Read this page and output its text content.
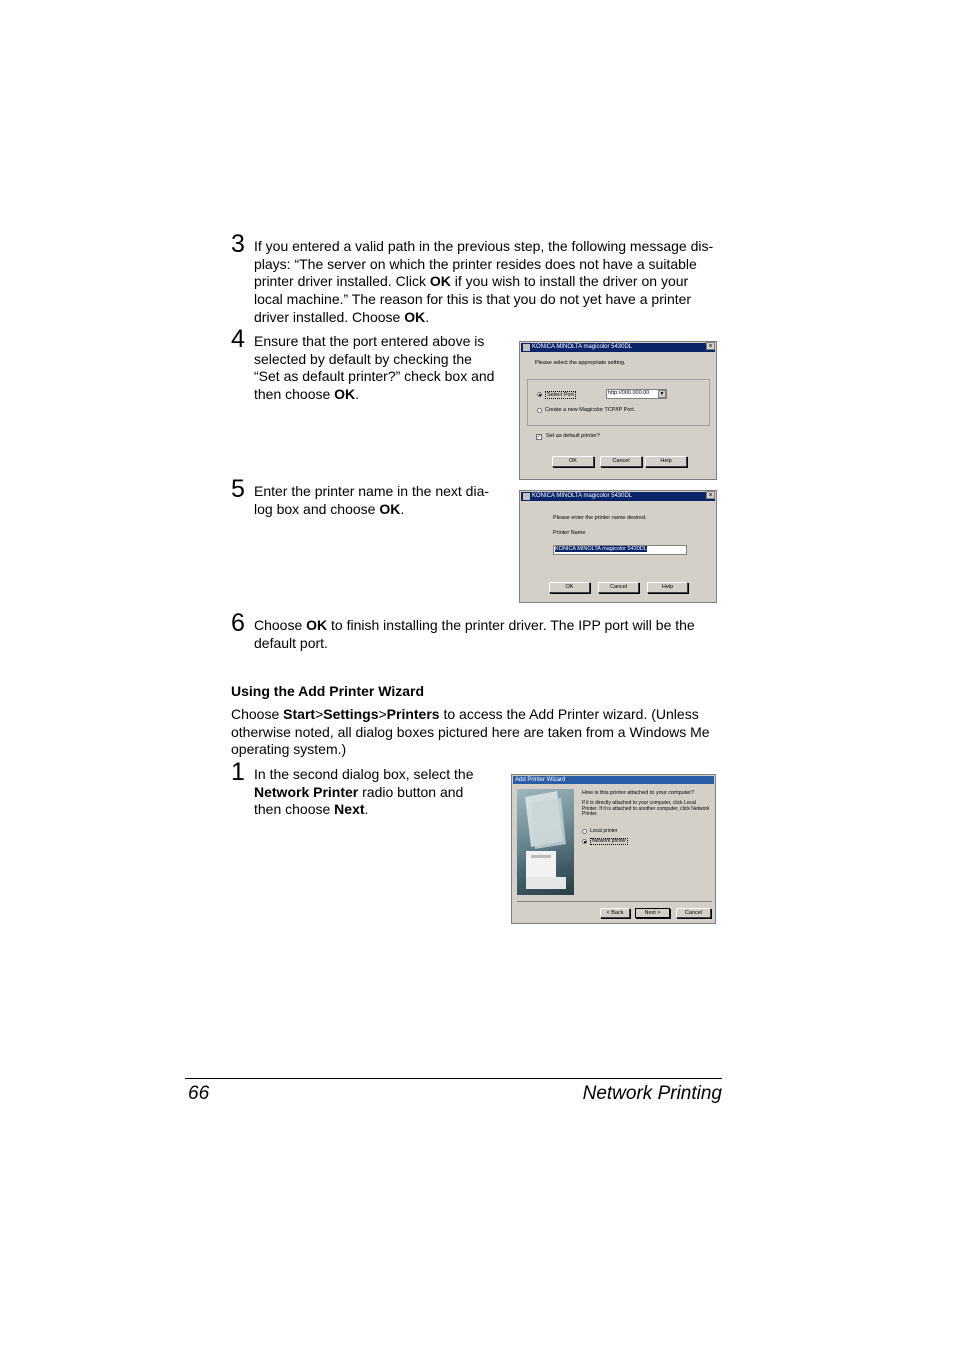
3 If you entered a valid path in the previous step, the following message dis-
plays: “The server on which the printer resides does not have a suitable
printer driver installed. Click OK if you wish to install the driver on your
local machine.” The reason for this is that you do not yet have a printer
driver installed. Choose OK.
4 Ensure that the port entered above is
selected by default by checking the
“Set as default printer?” check box and
then choose OK.
KONICA MINOLTA magicolor 5430DL	×
Please select the appropriate setting.
Select Port	http://000.000.00	▼
Create a new Magicolor TCP/IP Port.
✓ Set as default printer?
OK	Cancel	Help
5 Enter the printer name in the next dia-
log box and choose OK.
KONICA MINOLTA magicolor 5430DL	×
Please enter the printer name desired.
Printer Name
KONICA MINOLTA magicolor 5430DL
OK	Cancel	Help
6 Choose OK to finish installing the printer driver. The IPP port will be the
default port.
Using the Add Printer Wizard
Choose Start>Settings>Printers to access the Add Printer wizard. (Unless
otherwise noted, all dialog boxes pictured here are taken from a Windows Me
operating system.)
1 In the second dialog box, select the
Network Printer radio button and
then choose Next.
Add Printer Wizard
How is this printer attached to your computer?
If it is directly attached to your computer, click Local
Printer. If it is attached to another computer, click Network
Printer.
Local printer
Network printer
< Back	Next >	Cancel
66	Network Printing
